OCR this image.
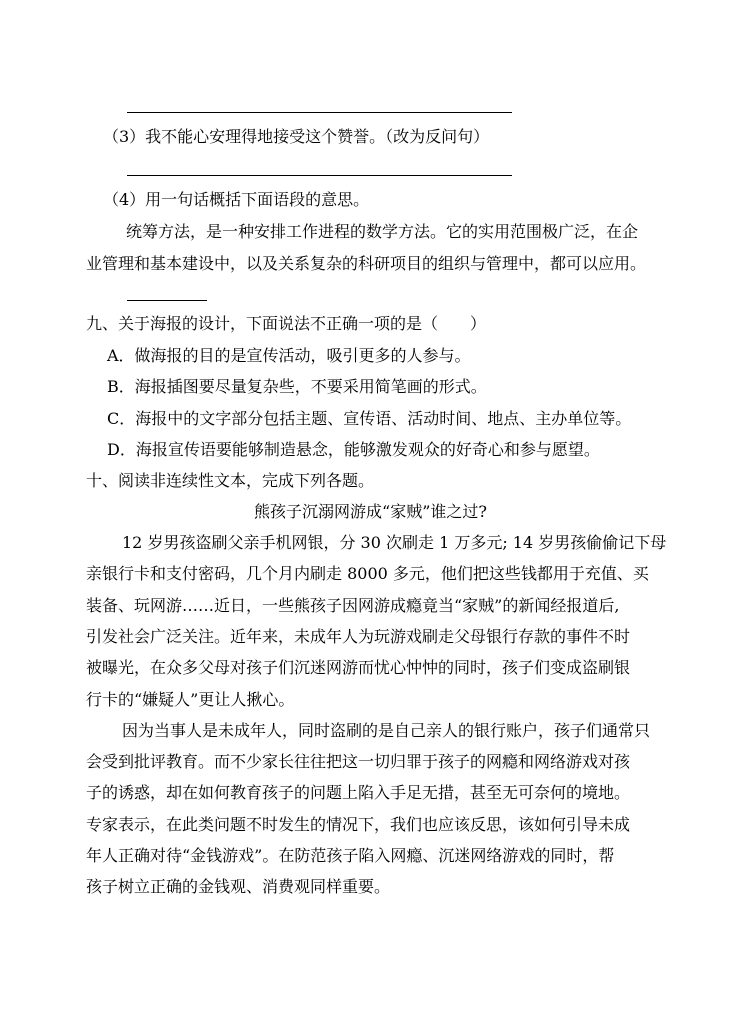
（3）我不能心安理得地接受这个赞誉。（改为反问句）
（4）用一句话概括下面语段的意思。
统筹方法，是一种安排工作进程的数学方法。它的实用范围极广泛，在企
业管理和基本建设中，以及关系复杂的科研项目的组织与管理中，都可以应用。
九、关于海报的设计，下面说法不正确一项的是（　　）
A．做海报的目的是宣传活动，吸引更多的人参与。
B．海报插图要尽量复杂些，不要采用简笔画的形式。
C．海报中的文字部分包括主题、宣传语、活动时间、地点、主办单位等。
D．海报宣传语要能够制造悬念，能够激发观众的好奇心和参与愿望。
十、阅读非连续性文本，完成下列各题。
熊孩子沉溺网游成“家贼”谁之过?
12 岁男孩盗刷父亲手机网银，分 30 次刷走 1 万多元; 14 岁男孩偷偷记下母
亲银行卡和支付密码，几个月内刷走 8000 多元，他们把这些钱都用于充值、买
装备、玩网游……近日，一些熊孩子因网游成瘾竟当“家贼”的新闻经报道后,
引发社会广泛关注。近年来，未成年人为玩游戏刷走父母银行存款的事件不时
被曝光，在众多父母对孩子们沉迷网游而忧心忡忡的同时，孩子们变成盗刷银
行卡的“嫌疑人”更让人揪心。
因为当事人是未成年人，同时盗刷的是自己亲人的银行账户，孩子们通常只
会受到批评教育。而不少家长往往把这一切归罪于孩子的网瘾和网络游戏对孩
子的诱惑，却在如何教育孩子的问题上陷入手足无措，甚至无可奈何的境地。
专家表示，在此类问题不时发生的情况下，我们也应该反思，该如何引导未成
年人正确对待“金钱游戏”。在防范孩子陷入网瘾、沉迷网络游戏的同时，帮
孩子树立正确的金钱观、消费观同样重要。
